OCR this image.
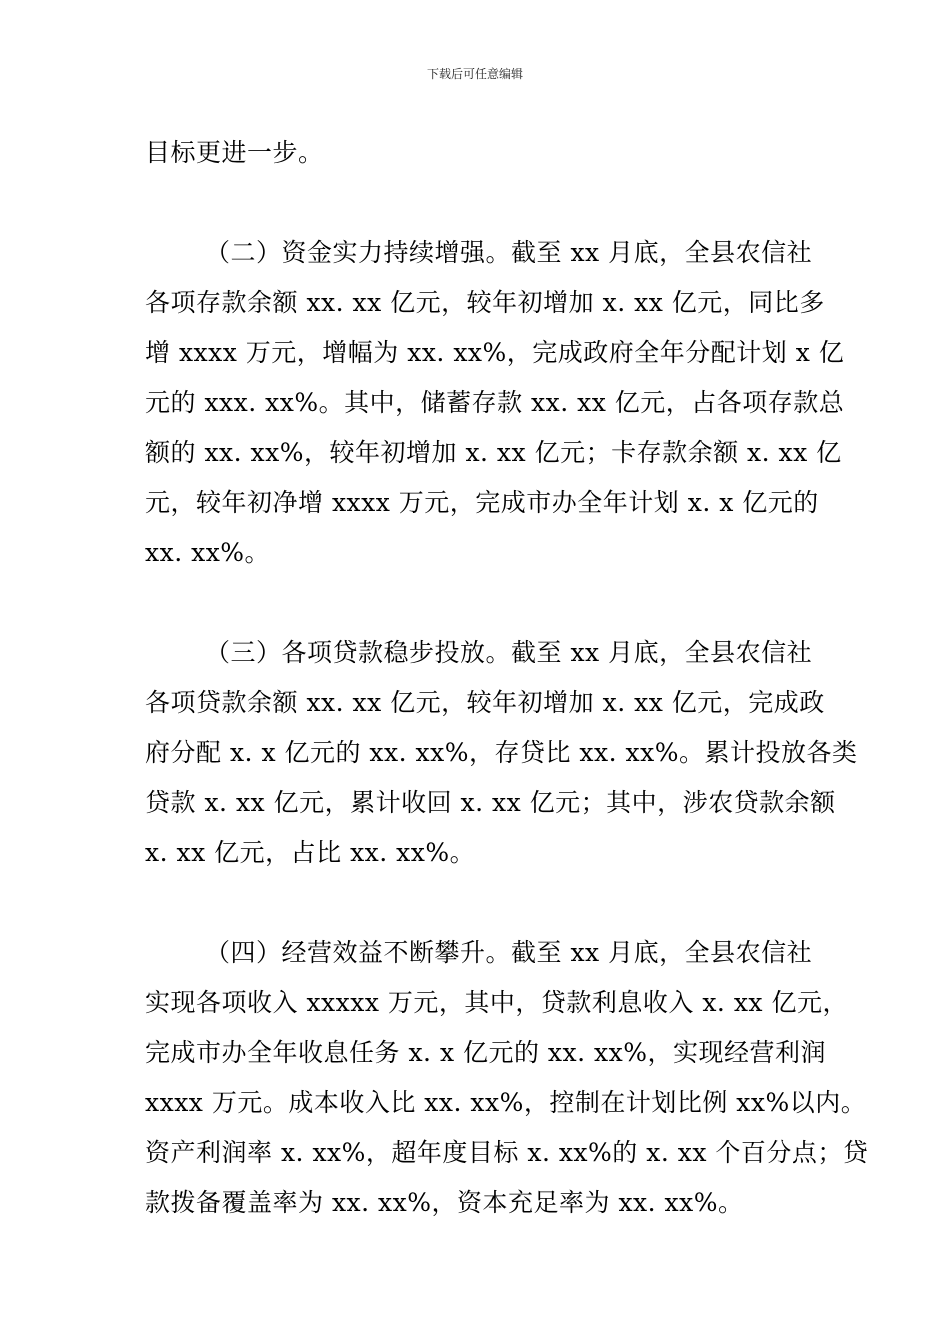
下载后可任意编辑
目标更进一步。
（二）资金实力持续增强。截至 xx 月底，全县农信社
各项存款余额 xx. xx 亿元，较年初增加 x. xx 亿元，同比多
增 xxxx 万元，增幅为 xx. xx%，完成政府全年分配计划 x 亿
元的 xxx. xx%。其中，储蓄存款 xx. xx 亿元，占各项存款总
额的 xx. xx%，较年初增加 x. xx 亿元；卡存款余额 x. xx 亿
元，较年初净增 xxxx 万元，完成市办全年计划 x. x 亿元的
xx. xx%。
（三）各项贷款稳步投放。截至 xx 月底，全县农信社
各项贷款余额 xx. xx 亿元，较年初增加 x. xx 亿元，完成政
府分配 x. x 亿元的 xx. xx%，存贷比 xx. xx%。累计投放各类
贷款 x. xx 亿元，累计收回 x. xx 亿元；其中，涉农贷款余额
x. xx 亿元，占比 xx. xx%。
（四）经营效益不断攀升。截至 xx 月底，全县农信社
实现各项收入 xxxxx 万元，其中，贷款利息收入 x. xx 亿元，
完成市办全年收息任务 x. x 亿元的 xx. xx%，实现经营利润
xxxx 万元。成本收入比 xx. xx%，控制在计划比例 xx%以内。
资产利润率 x. xx%，超年度目标 x. xx%的 x. xx 个百分点；贷
款拨备覆盖率为 xx. xx%，资本充足率为 xx. xx%。
